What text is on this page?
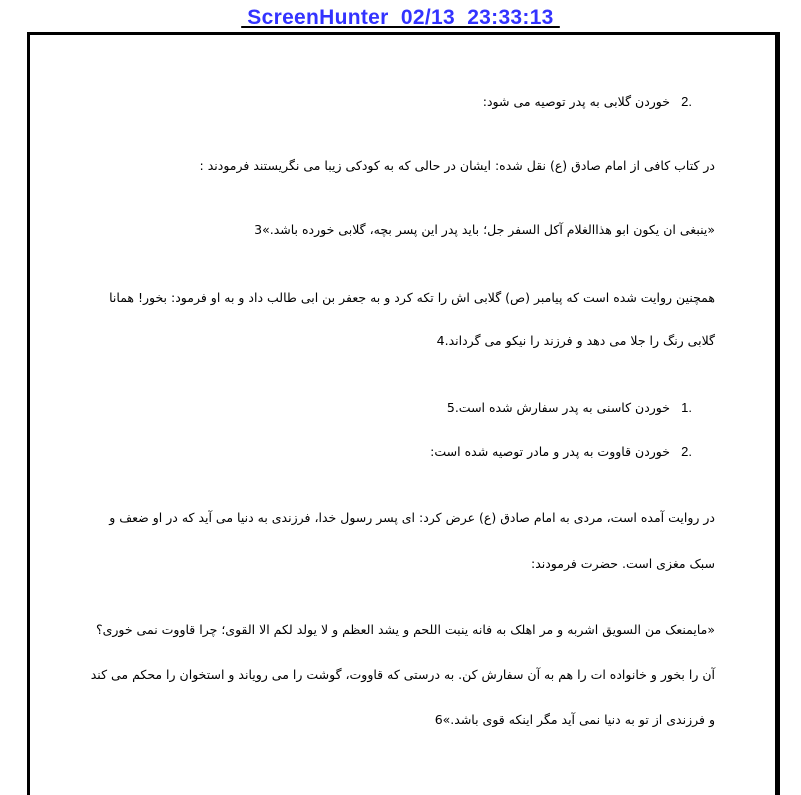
ScreenHunter  02/13  23:33:13
2.
خوردن گلابی به پدر توصیه می شود:
در کتاب کافی از امام صادق (ع) نقل شده: ایشان در حالی که به کودکی زیبا می نگریستند فرمودند :
«ینبغی ان یکون ابو هذاالغلام آکل السفر جل؛ باید پدر این پسر بچه، گلابی خورده باشد.»3
همچنین روایت شده است که پیامبر (ص) گلابی اش را تکه کرد و به جعفر بن ابی طالب داد و به او فرمود: بخور! همانا
گلابی رنگ را جلا می دهد و فرزند را نیکو می گرداند.4
1.
خوردن کاسنی به پدر سفارش شده است.5
2.
خوردن قاووت به پدر و مادر توصیه شده است:
در روایت آمده است، مردی به امام صادق (ع) عرض کرد: ای پسر رسول خدا، فرزندی به دنیا می آید که در او ضعف و
سبک مغزی است. حضرت فرمودند:
«مایمنعک من السویق اشربه و مر اهلک به فانه ینبت اللحم و یشد العظم و لا یولد لکم الا القوی؛ چرا قاووت نمی خوری؟
آن را بخور و خانواده ات را هم به آن سفارش کن. به درستی که قاووت، گوشت را می رویاند و استخوان را محکم می کند
و فرزندی از تو به دنیا نمی آید مگر اینکه قوی باشد.»6
